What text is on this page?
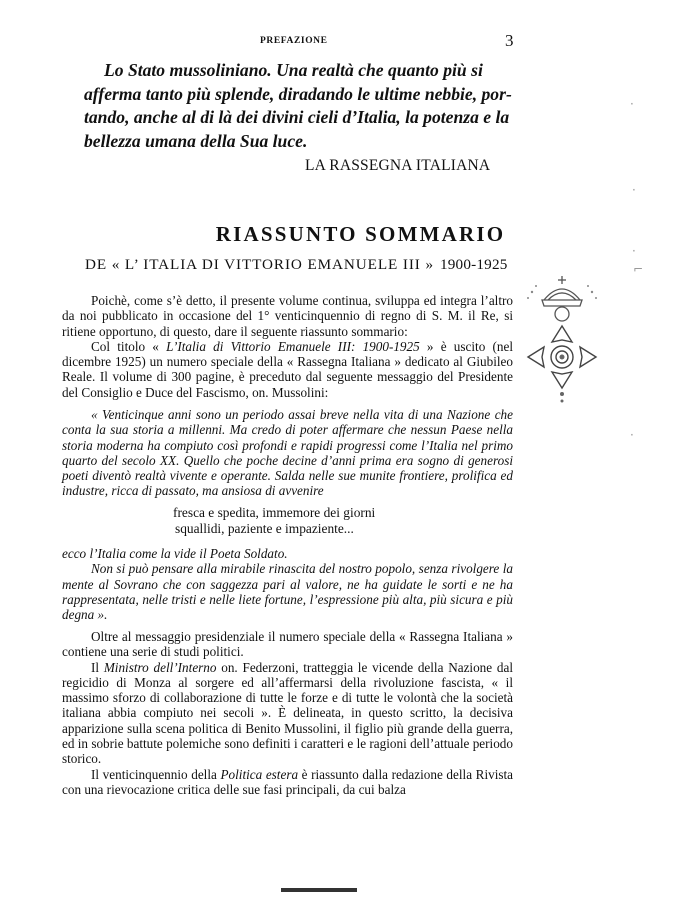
PREFAZIONE	3
Lo Stato mussoliniano. Una realtà che quanto più si
afferma tanto più splende, diradando le ultime nebbie, por-
tando, anche al di là dei divini cieli d’Italia, la potenza e la
bellezza umana della Sua luce.
LA RASSEGNA ITALIANA
RIASSUNTO SOMMARIO
DE « L’ ITALIA DI VITTORIO EMANUELE III » 1900-1925

Poichè, come s’è detto, il presente volume continua, sviluppa ed integra l’altro da noi pubblicato in occasione del 1° venticinquennio di regno di S. M. il Re, si ritiene opportuno, di questo, dare il seguente riassunto sommario:

Col titolo « L’Italia di Vittorio Emanuele III: 1900-1925 » è uscito (nel dicembre 1925) un numero speciale della « Rassegna Italiana » dedicato al Giubileo Reale. Il volume di 300 pagine, è preceduto dal seguente messaggio del Presidente del Consiglio e Duce del Fascismo, on. Mussolini:

« Venticinque anni sono un periodo assai breve nella vita di una Nazione che conta la sua storia a millenni. Ma credo di poter affermare che nessun Paese nella storia moderna ha compiuto così profondi e rapidi progressi come l’Italia nel primo quarto del secolo XX. Quello che poche decine d’anni prima era sogno di generosi poeti diventò realtà vivente e operante. Salda nelle sue munite frontiere, prolifica ed industre, ricca di passato, ma ansiosa di avvenire

fresca e spedita, immemore dei giorni
squallidi, paziente e impaziente...

ecco l’Italia come la vide il Poeta Soldato.

Non si può pensare alla mirabile rinascita del nostro popolo, senza rivolgere la mente al Sovrano che con saggezza pari al valore, ne ha guidate le sorti e ne ha rappresentata, nelle tristi e nelle liete fortune, l’espressione più alta, più sicura e più degna ».

Oltre al messaggio presidenziale il numero speciale della « Rassegna Italiana » contiene una serie di studi politici.

Il Ministro dell’Interno on. Federzoni, tratteggia le vicende della Nazione dal regicidio di Monza al sorgere ed all’affermarsi della rivoluzione fascista, « il massimo sforzo di collaborazione di tutte le forze e di tutte le volontà che la società italiana abbia compiuto nei secoli ». È delineata, in questo scritto, la decisiva apparizione sulla scena politica di Benito Mussolini, il figlio più grande della guerra, ed in sobrie battute polemiche sono definiti i caratteri e le ragioni dell’attuale periodo storico.

Il venticinquennio della Politica estera è riassunto dalla redazione della Rivista con una rievocazione critica delle sue fasi principali, da cui balza

·
·
·
⌐
·
